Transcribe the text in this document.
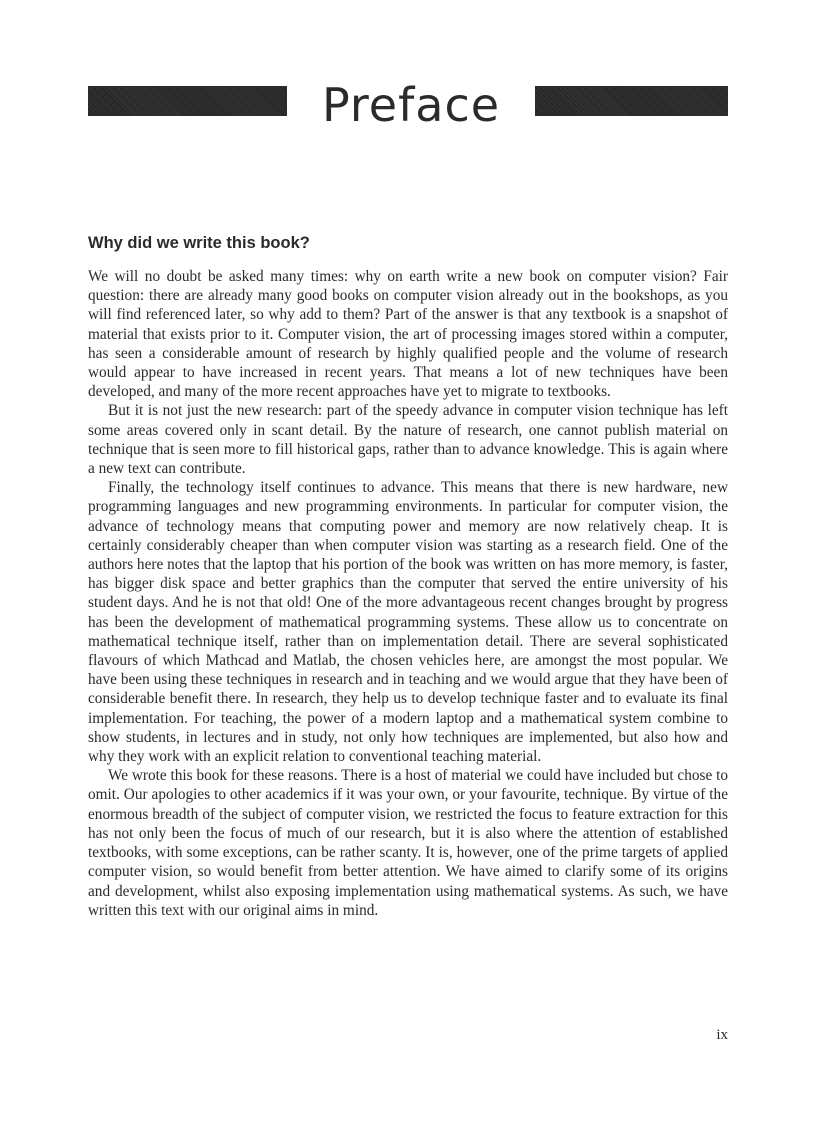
Preface
Why did we write this book?

We will no doubt be asked many times: why on earth write a new book on computer vision? Fair question: there are already many good books on computer vision already out in the bookshops, as you will find referenced later, so why add to them? Part of the answer is that any textbook is a snapshot of material that exists prior to it. Computer vision, the art of processing images stored within a computer, has seen a considerable amount of research by highly qualified people and the volume of research would appear to have increased in recent years. That means a lot of new techniques have been developed, and many of the more recent approaches have yet to migrate to textbooks.

But it is not just the new research: part of the speedy advance in computer vision technique has left some areas covered only in scant detail. By the nature of research, one cannot publish material on technique that is seen more to fill historical gaps, rather than to advance knowledge. This is again where a new text can contribute.

Finally, the technology itself continues to advance. This means that there is new hardware, new programming languages and new programming environments. In particular for computer vision, the advance of technology means that computing power and memory are now relatively cheap. It is certainly considerably cheaper than when computer vision was starting as a research field. One of the authors here notes that the laptop that his portion of the book was written on has more memory, is faster, has bigger disk space and better graphics than the computer that served the entire university of his student days. And he is not that old! One of the more advantageous recent changes brought by progress has been the development of mathematical programming systems. These allow us to concentrate on mathematical technique itself, rather than on implementation detail. There are several sophisticated flavours of which Mathcad and Matlab, the chosen vehicles here, are amongst the most popular. We have been using these techniques in research and in teaching and we would argue that they have been of considerable benefit there. In research, they help us to develop technique faster and to evaluate its final implementation. For teaching, the power of a modern laptop and a mathematical system combine to show students, in lectures and in study, not only how techniques are implemented, but also how and why they work with an explicit relation to conventional teaching material.

We wrote this book for these reasons. There is a host of material we could have included but chose to omit. Our apologies to other academics if it was your own, or your favourite, technique. By virtue of the enormous breadth of the subject of computer vision, we restricted the focus to feature extraction for this has not only been the focus of much of our research, but it is also where the attention of established textbooks, with some exceptions, can be rather scanty. It is, however, one of the prime targets of applied computer vision, so would benefit from better attention. We have aimed to clarify some of its origins and development, whilst also exposing implementation using mathematical systems. As such, we have written this text with our original aims in mind.

ix
